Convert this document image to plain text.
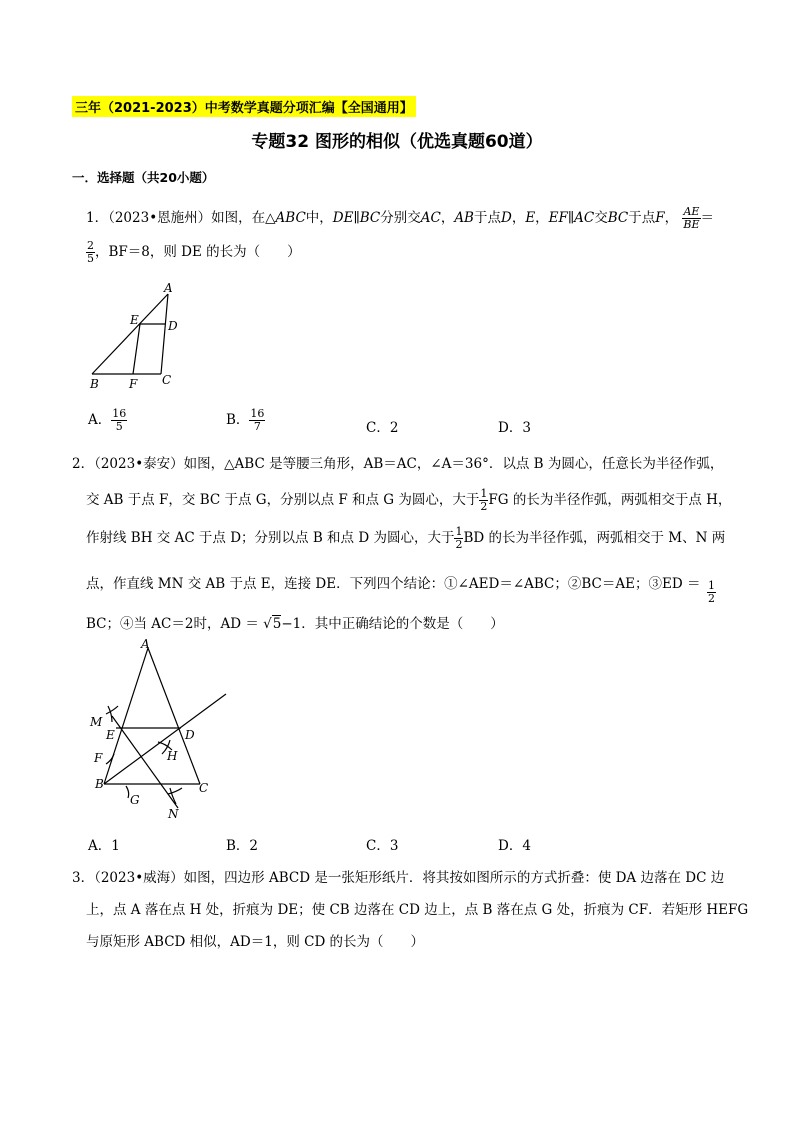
三年（2021-2023）中考数学真题分项汇编【全国通用】
专题32 图形的相似（优选真题60道）
一．选择题（共20小题）
1．（2023•恩施州）如图，在△ABC中，DE∥BC分别交AC，AB于点D，E，EF∥AC交BC于点F， $\frac{AE}{BE}$ ＝
$\frac{2}{5}$ ，BF＝8，则 DE 的长为（　　）
A
E D
B	F C
A． $\frac{16}{5}$	B． $\frac{16}{7}$	C．2	D．3
2．（2023•泰安）如图，△ABC 是等腰三角形，AB＝AC，∠A＝36°．以点 B 为圆心，任意长为半径作弧，
交 AB 于点 F，交 BC 于点 G，分别以点 F 和点 G 为圆心，大于 $\frac{1}{2}$ FG 的长为半径作弧，两弧相交于点 H，
作射线 BH 交 AC 于点 D；分别以点 B 和点 D 为圆心，大于 $\frac{1}{2}$ BD 的长为半径作弧，两弧相交于 M、N 两
点，作直线 MN 交 AB 于点 E，连接 DE．下列四个结论：①∠AED＝∠ABC；②BC＝AE；③ED ＝ $\frac{1}{2}$
BC；④当 AC＝2时，AD ＝ √5−1．其中正确结论的个数是（　　）
A
M
E	D
F	H
B	C
G
N
A．1	B．2	C．3	D．4
3．（2023•威海）如图，四边形 ABCD 是一张矩形纸片．将其按如图所示的方式折叠：使 DA 边落在 DC 边
上，点 A 落在点 H 处，折痕为 DE；使 CB 边落在 CD 边上，点 B 落在点 G 处，折痕为 CF．若矩形 HEFG
与原矩形 ABCD 相似，AD＝1，则 CD 的长为（　　）
